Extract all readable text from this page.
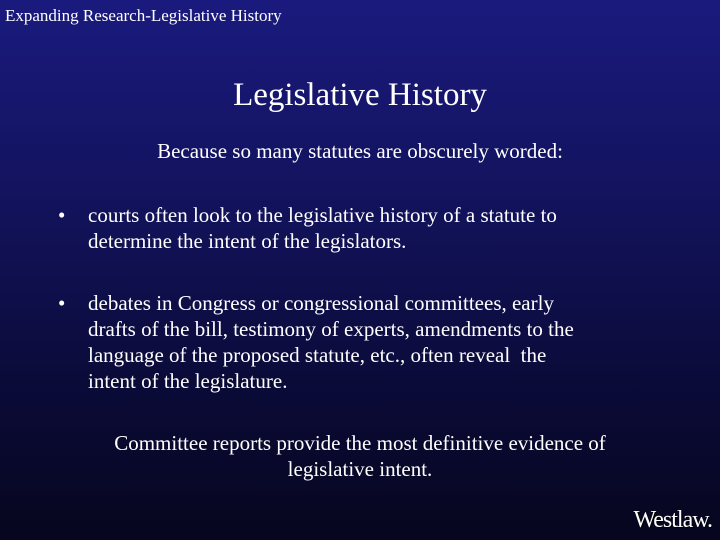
Expanding Research-Legislative History
Legislative History
Because so many statutes are obscurely worded:
•	courts often look to the legislative history of a statute to
determine the intent of the legislators.
•	debates in Congress or congressional committees, early
drafts of the bill, testimony of experts, amendments to the
language of the proposed statute, etc., often reveal  the
intent of the legislature.
Committee reports provide the most definitive evidence of
legislative intent.
Westlaw.
